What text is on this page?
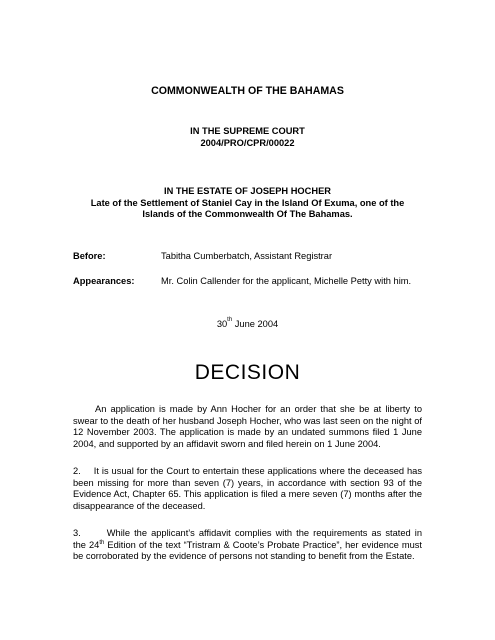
COMMONWEALTH OF THE BAHAMAS
IN THE SUPREME COURT
2004/PRO/CPR/00022
IN THE ESTATE OF JOSEPH HOCHER
Late of the Settlement of Staniel Cay in the Island Of Exuma, one of the
Islands of the Commonwealth Of The Bahamas.
Before:	Tabitha Cumberbatch, Assistant Registrar
Appearances:	Mr. Colin Callender for the applicant, Michelle Petty with him.
30th June 2004
DECISION

An application is made by Ann Hocher for an order that she be at liberty to swear to the death of her husband Joseph Hocher, who was last seen on the night of 12 November 2003. The application is made by an undated summons filed 1 June 2004, and supported by an affidavit sworn and filed herein on 1 June 2004.

2. It is usual for the Court to entertain these applications where the deceased has been missing for more than seven (7) years, in accordance with section 93 of the Evidence Act, Chapter 65. This application is filed a mere seven (7) months after the disappearance of the deceased.

3.	While the applicant’s affidavit complies with the requirements as stated in the 24th Edition of the text “Tristram & Coote’s Probate Practice”, her evidence must be corroborated by the evidence of persons not standing to benefit from the Estate.
